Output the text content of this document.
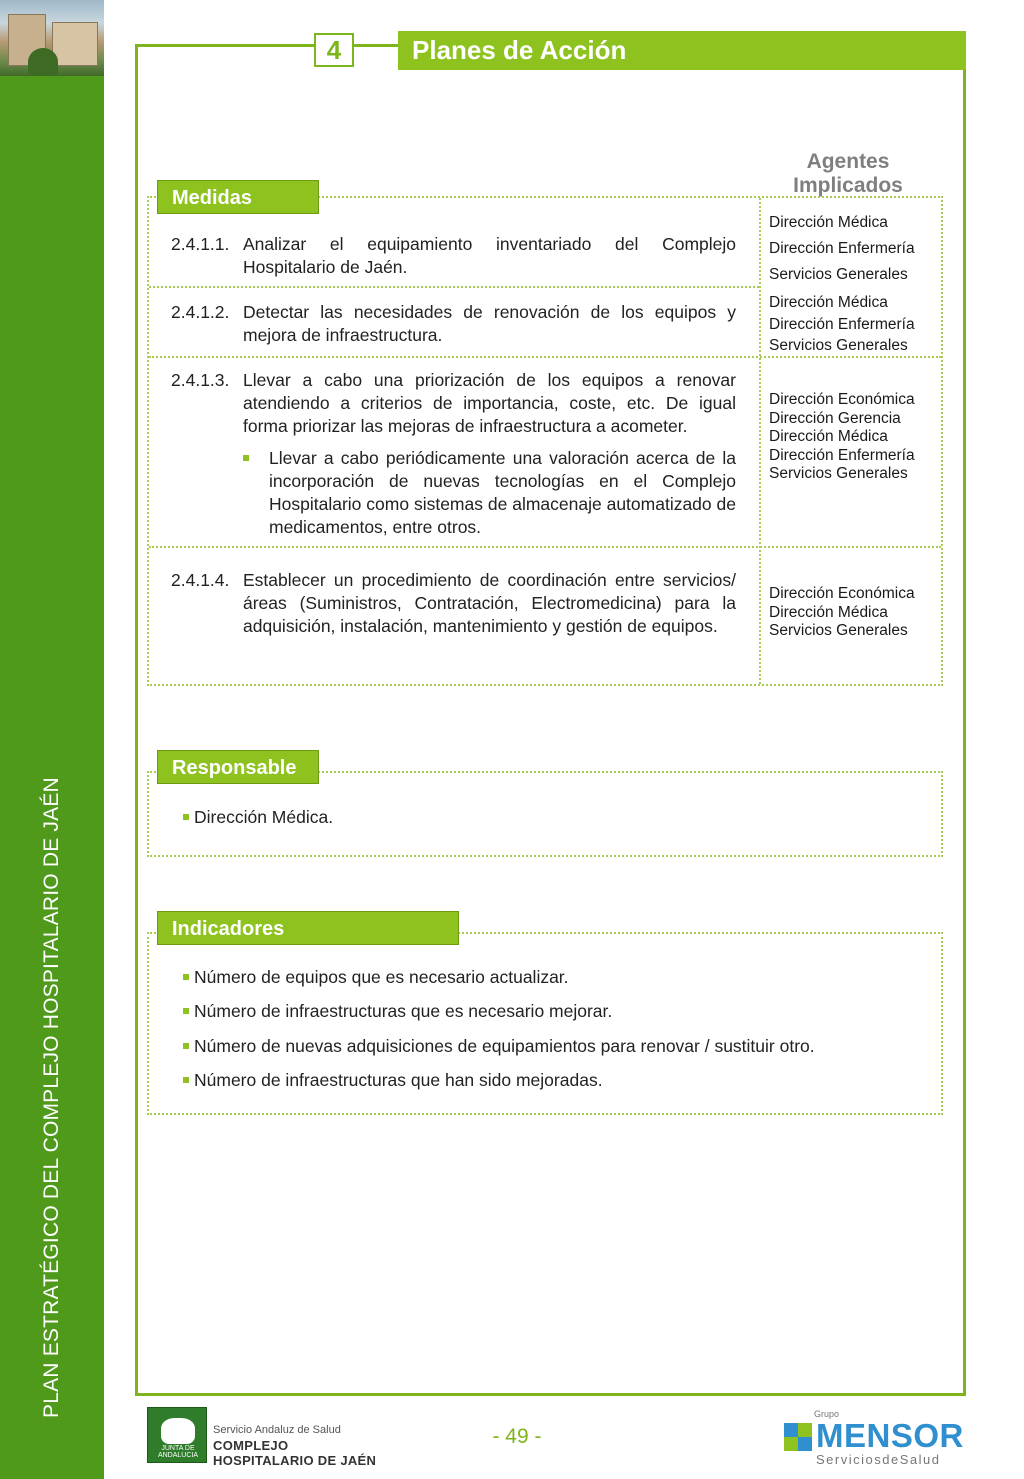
PLAN ESTRATÉGICO DEL COMPLEJO HOSPITALARIO DE JAÉN
4	Planes de Acción
Medidas
Agentes
Implicados
2.4.1.1. Analizar el equipamiento inventariado del Complejo Hospitalario de Jaén.
Dirección Médica
Dirección Enfermería
Servicios Generales
2.4.1.2. Detectar las necesidades de renovación de los equipos y mejora de infraestructura.
Dirección Médica
Dirección Enfermería
Servicios Generales
2.4.1.3. Llevar a cabo una priorización de los equipos a renovar atendiendo a criterios de importancia, coste, etc. De igual forma priorizar las mejoras de infraestructura a acometer.
Llevar a cabo periódicamente una valoración acerca de la incorporación de nuevas tecnologías en el Complejo Hospitalario como sistemas de almacenaje automatizado de medicamentos, entre otros.
Dirección Económica
Dirección Gerencia
Dirección Médica
Dirección Enfermería
Servicios Generales
2.4.1.4. Establecer un procedimiento de coordinación entre servicios/áreas (Suministros, Contratación, Electromedicina) para la adquisición, instalación, mantenimiento y gestión de equipos.
Dirección Económica
Dirección Médica
Servicios Generales
Responsable
Dirección Médica.
Indicadores
Número de equipos que es necesario actualizar.
Número de infraestructuras que es necesario mejorar.
Número de nuevas adquisiciones de equipamientos para renovar / sustituir otro.
Número de infraestructuras que han sido mejoradas.
JUNTA DE ANDALUCIA
Servicio Andaluz de Salud
COMPLEJO HOSPITALARIO DE JAÉN
- 49 -
Grupo
MENSOR
ServiciosdeSalud
